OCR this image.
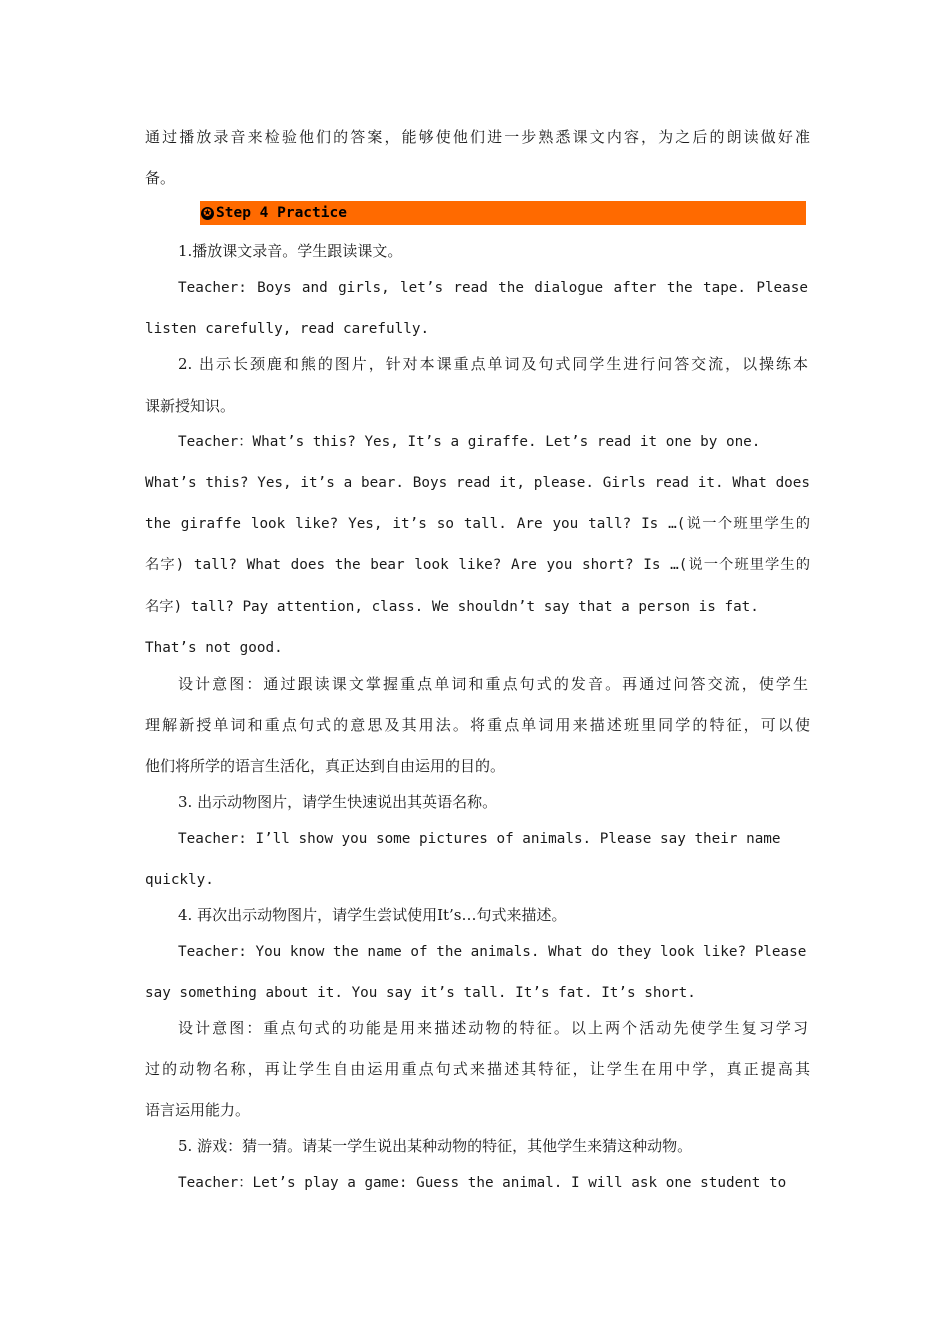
通过播放录音来检验他们的答案，能够使他们进一步熟悉课文内容，为之后的朗读做好准
备。
✪ Step 4 Practice
1.播放课文录音。学生跟读课文。
Teacher: Boys and girls, let’s read the dialogue after the tape. Please
listen carefully, read carefully.
2. 出示长颈鹿和熊的图片，针对本课重点单词及句式同学生进行问答交流，以操练本
课新授知识。
Teacher：What’s this? Yes, It’s a giraffe. Let’s read it one by one.
What’s this? Yes, it’s a bear. Boys read it, please. Girls read it. What does
the giraffe look like? Yes, it’s so tall. Are you tall? Is …(说一个班里学生的
名字) tall? What does the bear look like? Are you short? Is …(说一个班里学生的
名字) tall? Pay attention, class. We shouldn’t say that a person is fat.
That’s not good.
设计意图：通过跟读课文掌握重点单词和重点句式的发音。再通过问答交流，使学生
理解新授单词和重点句式的意思及其用法。将重点单词用来描述班里同学的特征，可以使
他们将所学的语言生活化，真正达到自由运用的目的。
3. 出示动物图片，请学生快速说出其英语名称。
Teacher: I’ll show you some pictures of animals. Please say their name
quickly.
4. 再次出示动物图片，请学生尝试使用It’s…句式来描述。
Teacher: You know the name of the animals. What do they look like? Please
say something about it. You say it’s tall. It’s fat. It’s short.
设计意图：重点句式的功能是用来描述动物的特征。以上两个活动先使学生复习学习
过的动物名称，再让学生自由运用重点句式来描述其特征，让学生在用中学，真正提高其
语言运用能力。
5. 游戏：猜一猜。请某一学生说出某种动物的特征，其他学生来猜这种动物。
Teacher：Let’s play a game: Guess the animal. I will ask one student to
